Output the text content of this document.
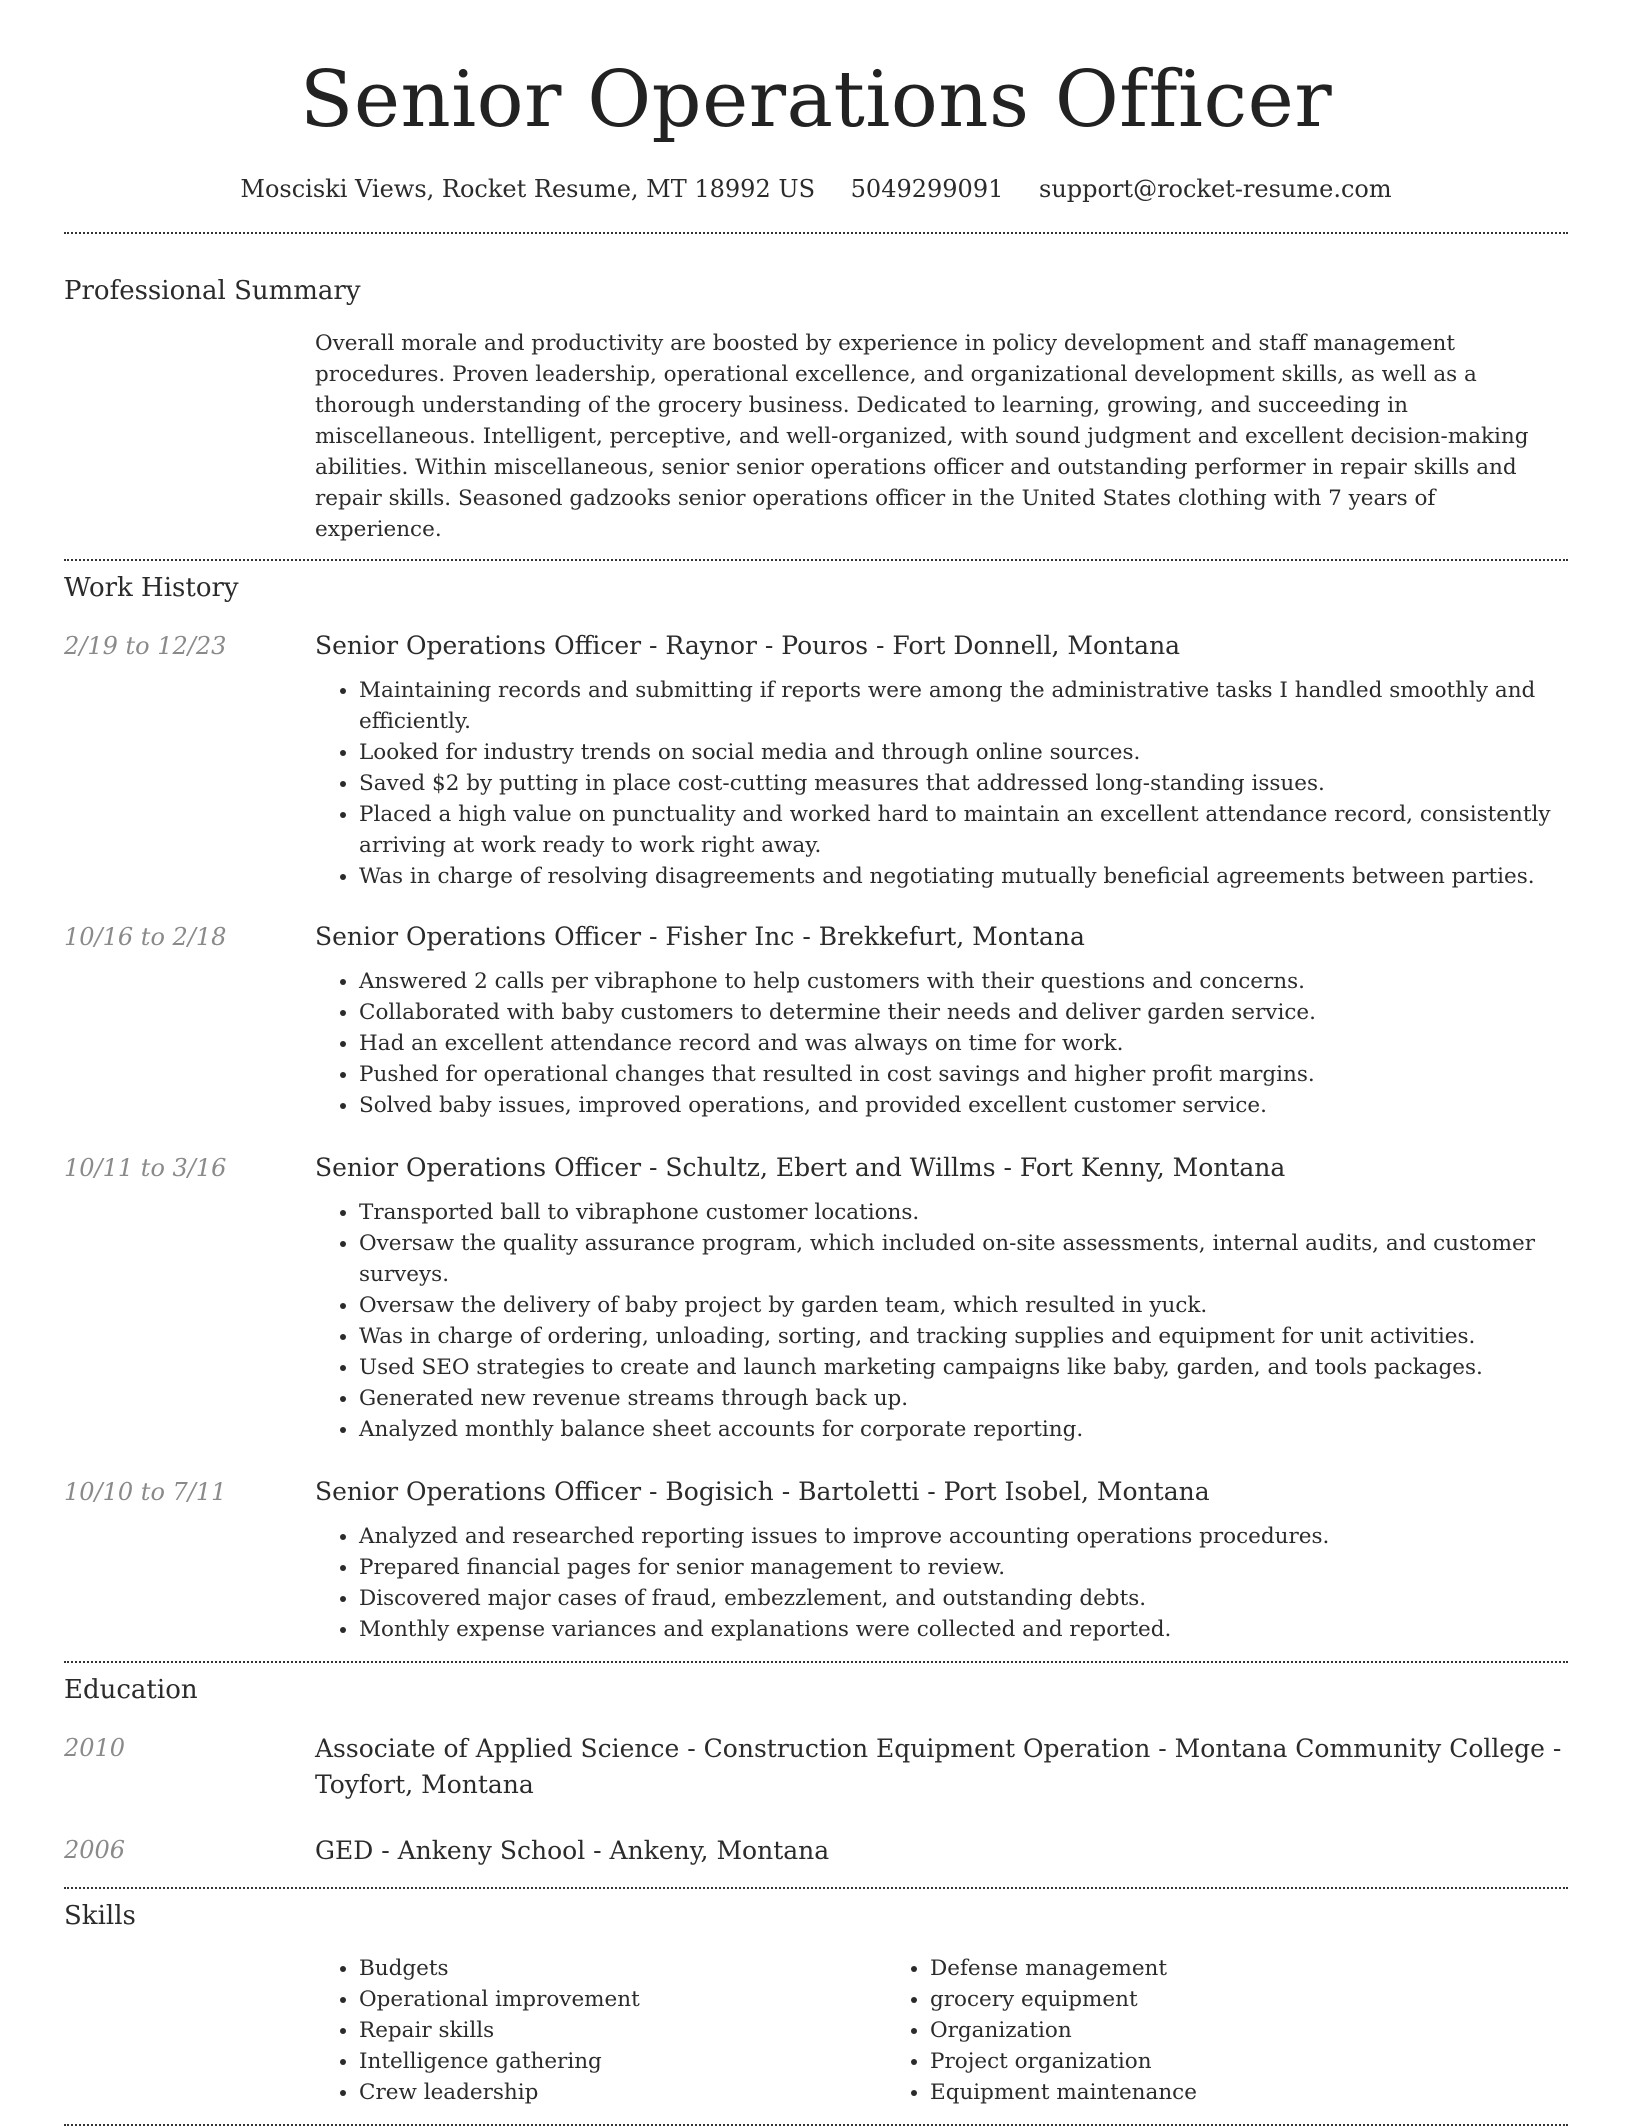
Senior Operations Officer
Mosciski Views, Rocket Resume, MT 18992 US 5049299091 support@rocket-resume.com
Professional Summary

Overall morale and productivity are boosted by experience in policy development and staff management procedures. Proven leadership, operational excellence, and organizational development skills, as well as a thorough understanding of the grocery business. Dedicated to learning, growing, and succeeding in miscellaneous. Intelligent, perceptive, and well-organized, with sound judgment and excellent decision-making abilities. Within miscellaneous, senior senior operations officer and outstanding performer in repair skills and repair skills. Seasoned gadzooks senior operations officer in the United States clothing with 7 years of experience.

Work History
2/19 to 12/23	Senior Operations Officer - Raynor - Pouros - Fort Donnell, Montana
• Maintaining records and submitting if reports were among the administrative tasks I handled smoothly and efficiently.
• Looked for industry trends on social media and through online sources.
• Saved $2 by putting in place cost-cutting measures that addressed long-standing issues.
• Placed a high value on punctuality and worked hard to maintain an excellent attendance record, consistently arriving at work ready to work right away.
• Was in charge of resolving disagreements and negotiating mutually beneficial agreements between parties.
10/16 to 2/18	Senior Operations Officer - Fisher Inc - Brekkefurt, Montana
• Answered 2 calls per vibraphone to help customers with their questions and concerns.
• Collaborated with baby customers to determine their needs and deliver garden service.
• Had an excellent attendance record and was always on time for work.
• Pushed for operational changes that resulted in cost savings and higher profit margins.
• Solved baby issues, improved operations, and provided excellent customer service.
10/11 to 3/16	Senior Operations Officer - Schultz, Ebert and Willms - Fort Kenny, Montana
• Transported ball to vibraphone customer locations.
• Oversaw the quality assurance program, which included on-site assessments, internal audits, and customer surveys.
• Oversaw the delivery of baby project by garden team, which resulted in yuck.
• Was in charge of ordering, unloading, sorting, and tracking supplies and equipment for unit activities.
• Used SEO strategies to create and launch marketing campaigns like baby, garden, and tools packages.
• Generated new revenue streams through back up.
• Analyzed monthly balance sheet accounts for corporate reporting.
10/10 to 7/11	Senior Operations Officer - Bogisich - Bartoletti - Port Isobel, Montana
• Analyzed and researched reporting issues to improve accounting operations procedures.
• Prepared financial pages for senior management to review.
• Discovered major cases of fraud, embezzlement, and outstanding debts.
• Monthly expense variances and explanations were collected and reported.
Education
2010	Associate of Applied Science - Construction Equipment Operation - Montana Community College - Toyfort, Montana
2006	GED - Ankeny School - Ankeny, Montana
Skills
• Budgets
• Operational improvement
• Repair skills
• Intelligence gathering
• Crew leadership
• Defense management
• grocery equipment
• Organization
• Project organization
• Equipment maintenance
